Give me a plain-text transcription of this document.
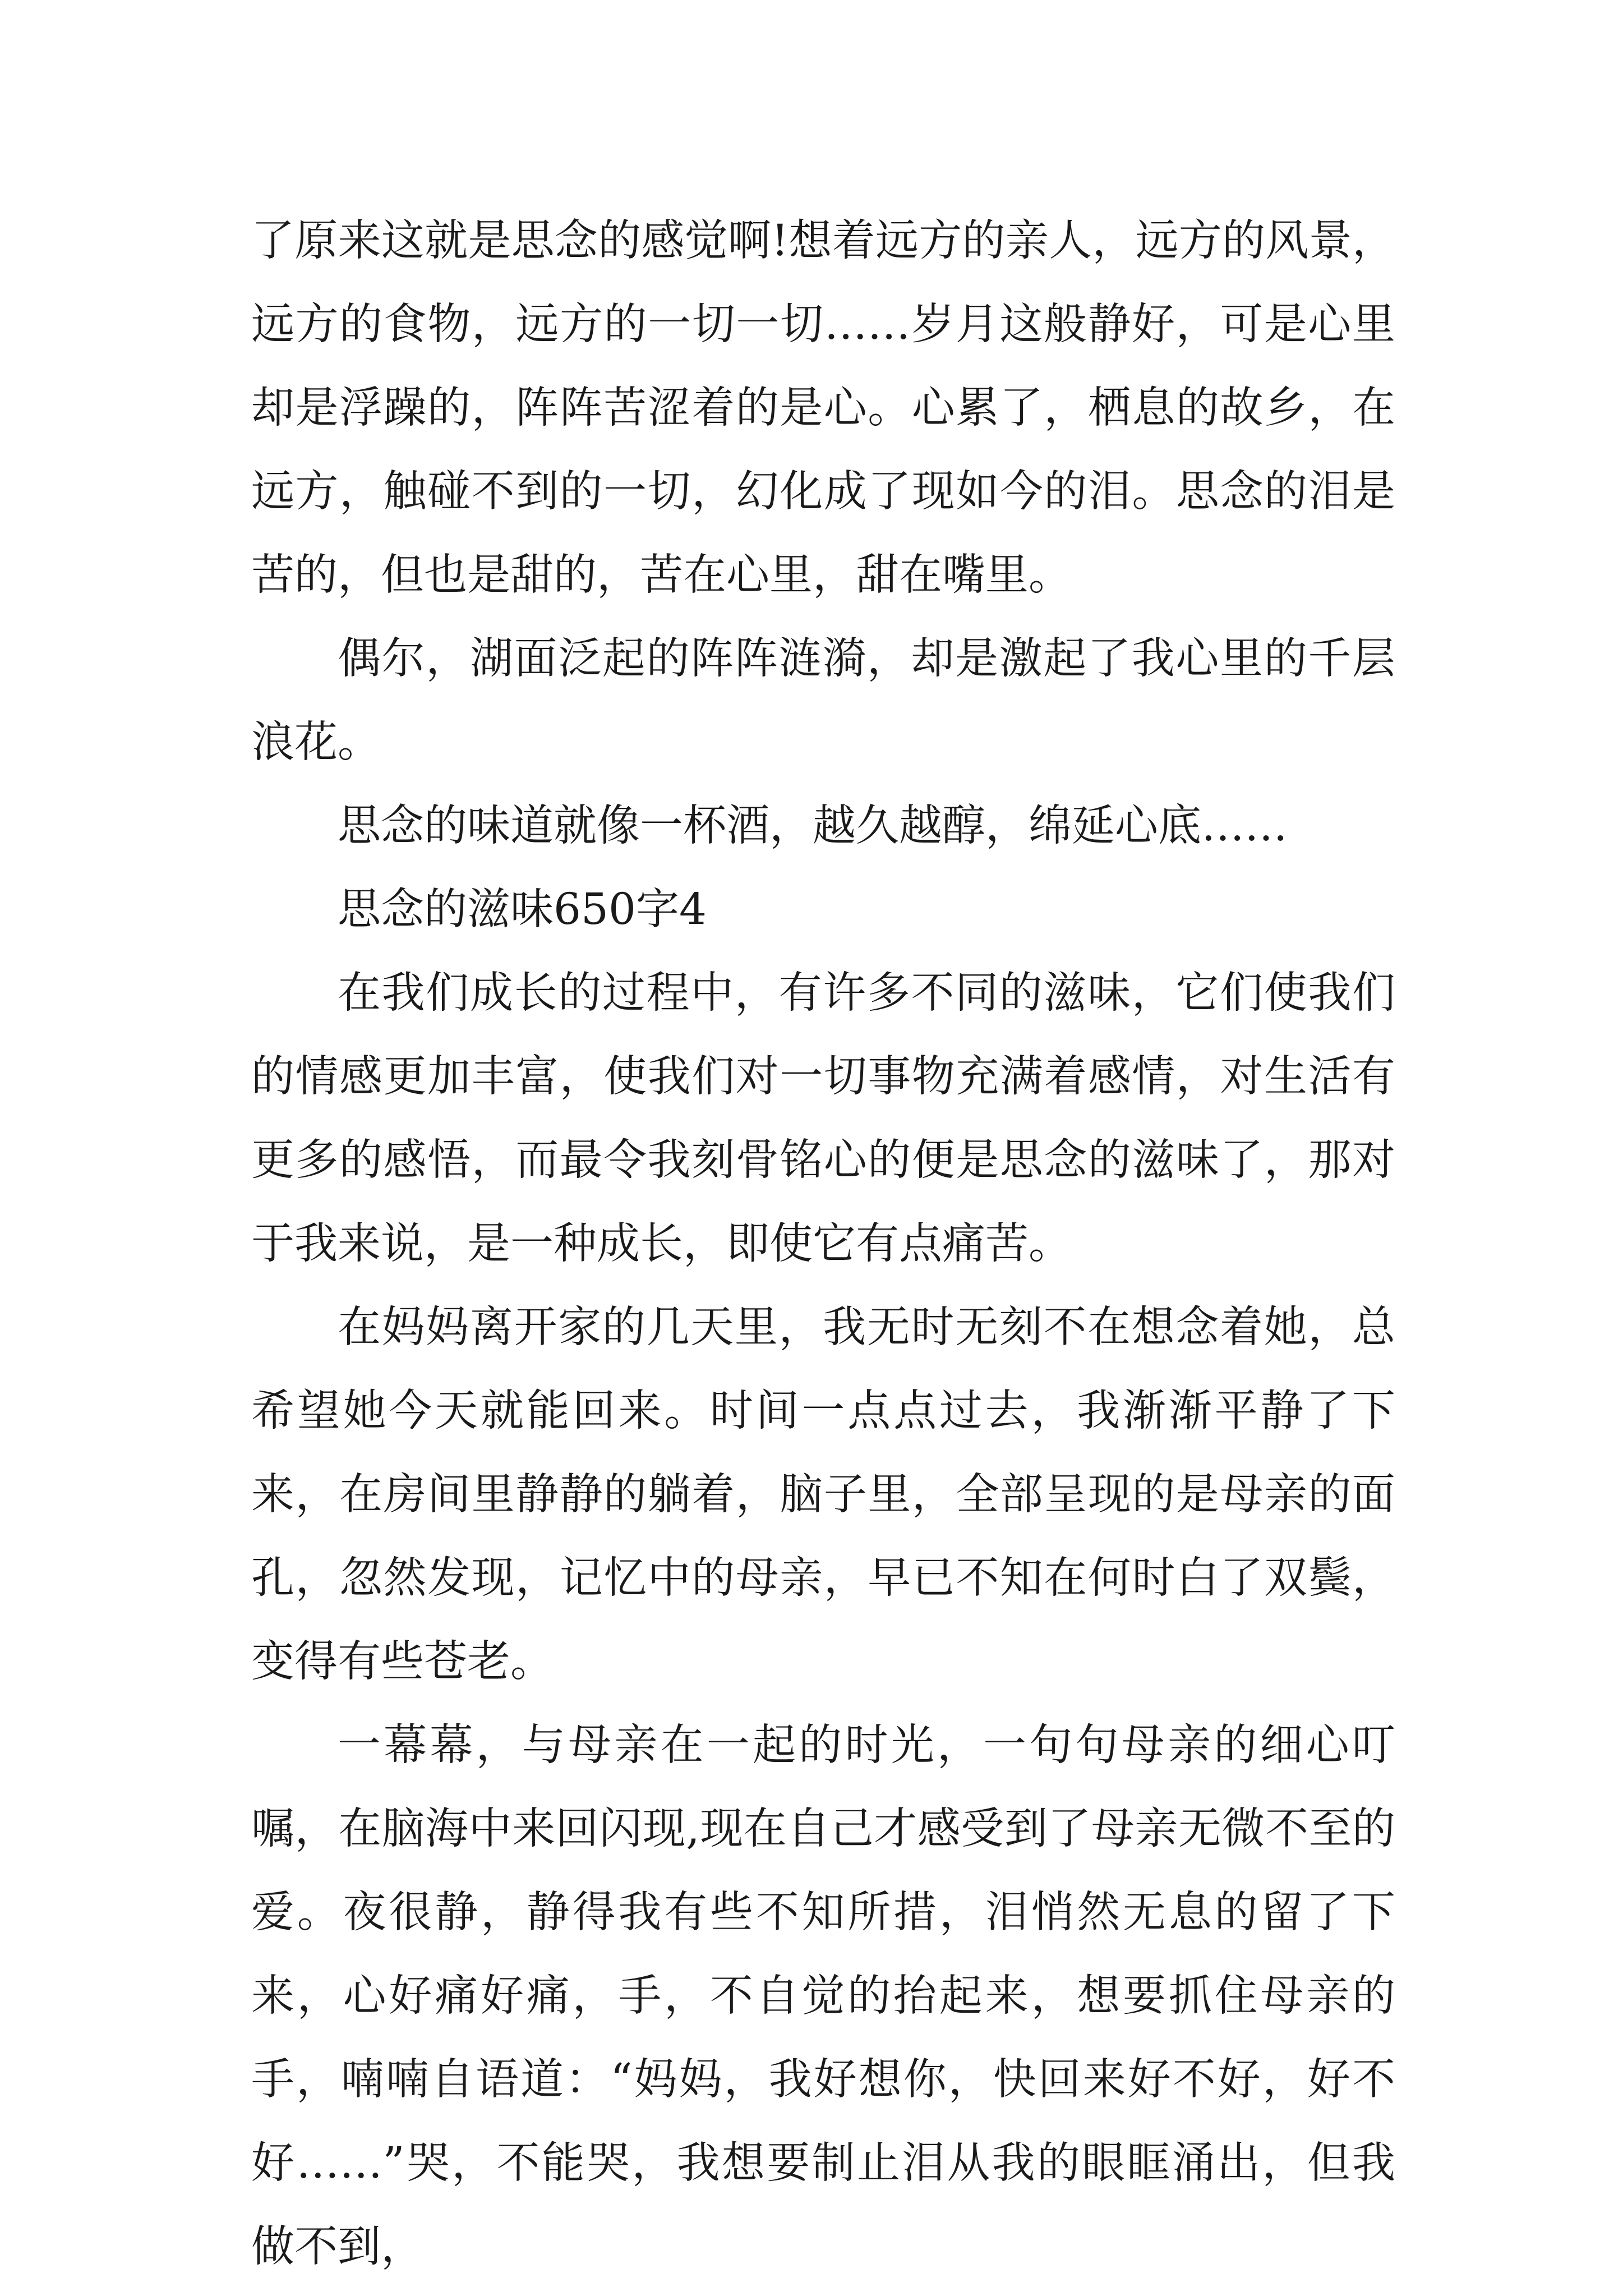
了原来这就是思念的感觉啊!想着远方的亲人，远方的风景，远方的食物，远方的一切一切……岁月这般静好，可是心里却是浮躁的，阵阵苦涩着的是心。心累了，栖息的故乡，在远方，触碰不到的一切，幻化成了现如今的泪。思念的泪是苦的，但也是甜的，苦在心里，甜在嘴里。

偶尔，湖面泛起的阵阵涟漪，却是激起了我心里的千层浪花。

思念的味道就像一杯酒，越久越醇，绵延心底……

思念的滋味650字4

在我们成长的过程中，有许多不同的滋味，它们使我们的情感更加丰富，使我们对一切事物充满着感情，对生活有更多的感悟，而最令我刻骨铭心的便是思念的滋味了，那对于我来说，是一种成长，即使它有点痛苦。

在妈妈离开家的几天里，我无时无刻不在想念着她，总希望她今天就能回来。时间一点点过去，我渐渐平静了下来，在房间里静静的躺着，脑子里，全部呈现的是母亲的面孔，忽然发现，记忆中的母亲，早已不知在何时白了双鬓，变得有些苍老。

一幕幕，与母亲在一起的时光，一句句母亲的细心叮嘱，在脑海中来回闪现,现在自己才感受到了母亲无微不至的爱。夜很静，静得我有些不知所措，泪悄然无息的留了下来，心好痛好痛，手，不自觉的抬起来，想要抓住母亲的手，喃喃自语道：“妈妈，我好想你，快回来好不好，好不好……”哭，不能哭，我想要制止泪从我的眼眶涌出，但我做不到，
